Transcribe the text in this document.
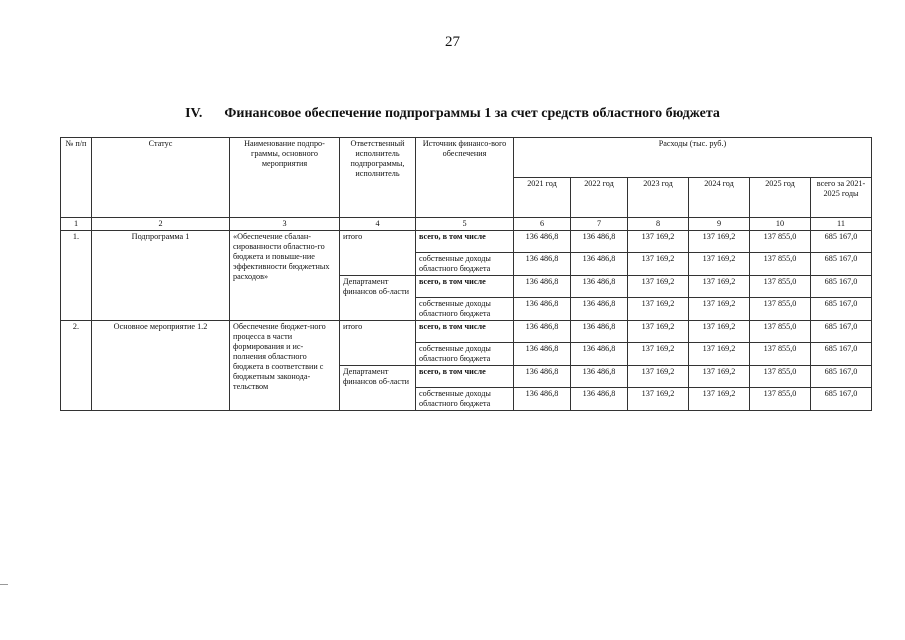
27
IV. Финансовое обеспечение подпрограммы 1 за счет средств областного бюджета
№ п/п	Статус	Наименование подпро-граммы, основного мероприятия	Ответственный исполнитель подпрограммы, исполнитель	Источник финансо-вого обеспечения	Расходы (тыс. руб.)					
					2021 год	2022 год	2023 год	2024 год	2025 год	всего за 2021-2025 годы
1	2	3	4	5	6	7	8	9	10	11
1.	Подпрограмма 1	«Обеспечение сбалан-сированности областно-го бюджета и повыше-ние эффективности бюджетных расходов»	итого	всего, в том числе	136 486,8	136 486,8	137 169,2	137 169,2	137 855,0	685 167,0
				собственные доходы областного бюджета	136 486,8	136 486,8	137 169,2	137 169,2	137 855,0	685 167,0
			Департамент финансов об-ласти	всего, в том числе	136 486,8	136 486,8	137 169,2	137 169,2	137 855,0	685 167,0
				собственные доходы областного бюджета	136 486,8	136 486,8	137 169,2	137 169,2	137 855,0	685 167,0
2.	Основное мероприятие 1.2	Обеспечение бюджет-ного процесса в части формирования и ис-полнения областного бюджета в соответствии с бюджетным законода-тельством	итого	всего, в том числе	136 486,8	136 486,8	137 169,2	137 169,2	137 855,0	685 167,0
				собственные доходы областного бюджета	136 486,8	136 486,8	137 169,2	137 169,2	137 855,0	685 167,0
			Департамент финансов об-ласти	всего, в том числе	136 486,8	136 486,8	137 169,2	137 169,2	137 855,0	685 167,0
				собственные доходы областного бюджета	136 486,8	136 486,8	137 169,2	137 169,2	137 855,0	685 167,0
